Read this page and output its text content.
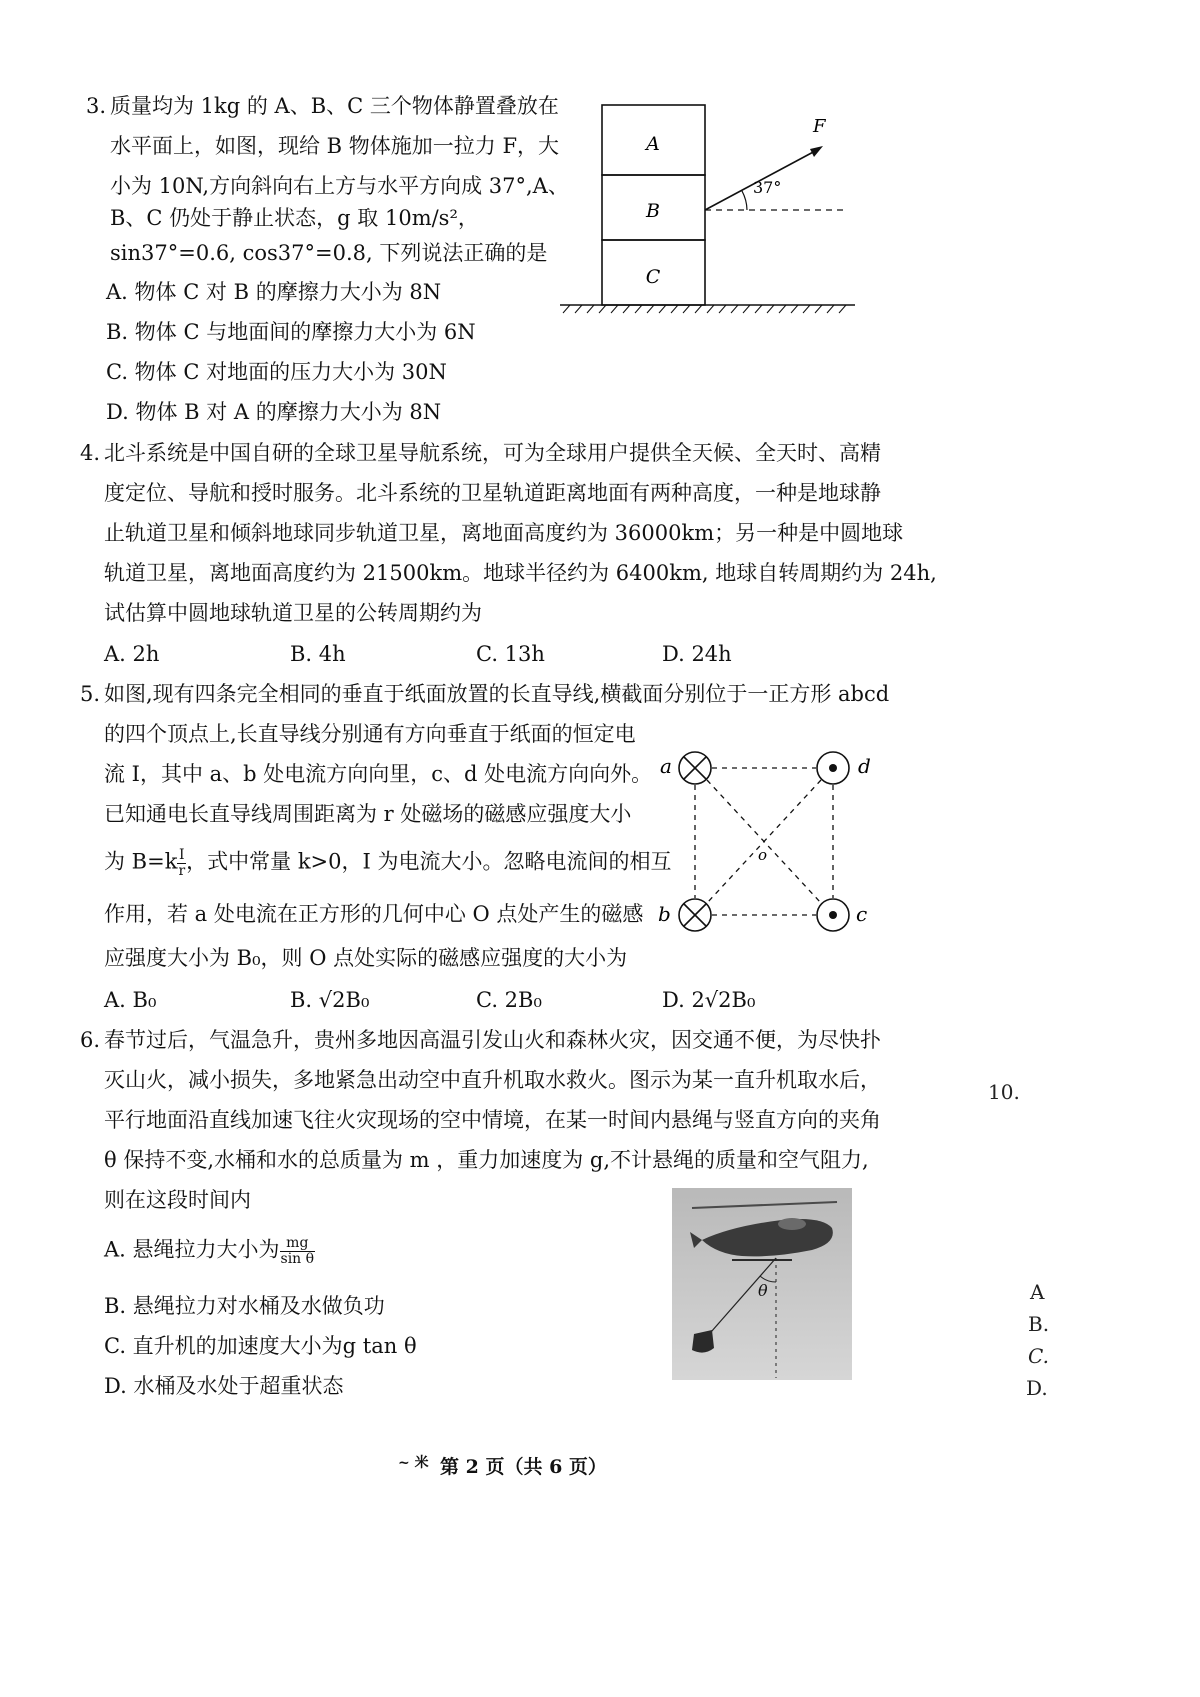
3. 质量均为 1kg 的 A、B、C 三个物体静置叠放在
水平面上，如图，现给 B 物体施加一拉力 F，大
小为 10N,方向斜向右上方与水平方向成 37°,A、
B、C 仍处于静止状态，g 取 10m/s²，
sin37°=0.6, cos37°=0.8, 下列说法正确的是
A. 物体 C 对 B 的摩擦力大小为 8N
B. 物体 C 与地面间的摩擦力大小为 6N
C. 物体 C 对地面的压力大小为 30N
D. 物体 B 对 A 的摩擦力大小为 8N
A
B
C
F
37°
4. 北斗系统是中国自研的全球卫星导航系统，可为全球用户提供全天候、全天时、高精
度定位、导航和授时服务。北斗系统的卫星轨道距离地面有两种高度，一种是地球静
止轨道卫星和倾斜地球同步轨道卫星，离地面高度约为 36000km；另一种是中圆地球
轨道卫星，离地面高度约为 21500km。地球半径约为 6400km, 地球自转周期约为 24h,
试估算中圆地球轨道卫星的公转周期约为
A. 2h	B. 4h	C. 13h	D. 24h
5. 如图,现有四条完全相同的垂直于纸面放置的长直导线,横截面分别位于一正方形 abcd
的四个顶点上,长直导线分别通有方向垂直于纸面的恒定电
流 I，其中 a、b 处电流方向向里，c、d 处电流方向向外。
已知通电长直导线周围距离为 r 处磁场的磁感应强度大小
为 $B=k \frac{I}{r}$ ，式中常量 k>0，I 为电流大小。忽略电流间的相互
作用，若 a 处电流在正方形的几何中心 O 点处产生的磁感
应强度大小为 B₀，则 O 点处实际的磁感应强度的大小为
A. B₀	B. √2B₀	C. 2B₀	D. 2√2B₀
a	d
b	c
o
6. 春节过后，气温急升，贵州多地因高温引发山火和森林火灾，因交通不便，为尽快扑
灭山火，减小损失，多地紧急出动空中直升机取水救火。图示为某一直升机取水后，
平行地面沿直线加速飞往火灾现场的空中情境，在某一时间内悬绳与竖直方向的夹角
θ 保持不变,水桶和水的总质量为 m ，重力加速度为 g,不计悬绳的质量和空气阻力,
则在这段时间内
A. 悬绳拉力大小为 $\frac{mg}{\text{sin θ}}$
B. 悬绳拉力对水桶及水做负功
C. 直升机的加速度大小为g tan θ
D. 水桶及水处于超重状态
θ
10.
A
B.
C.
D.
~ 米 第 2 页（共 6 页）
